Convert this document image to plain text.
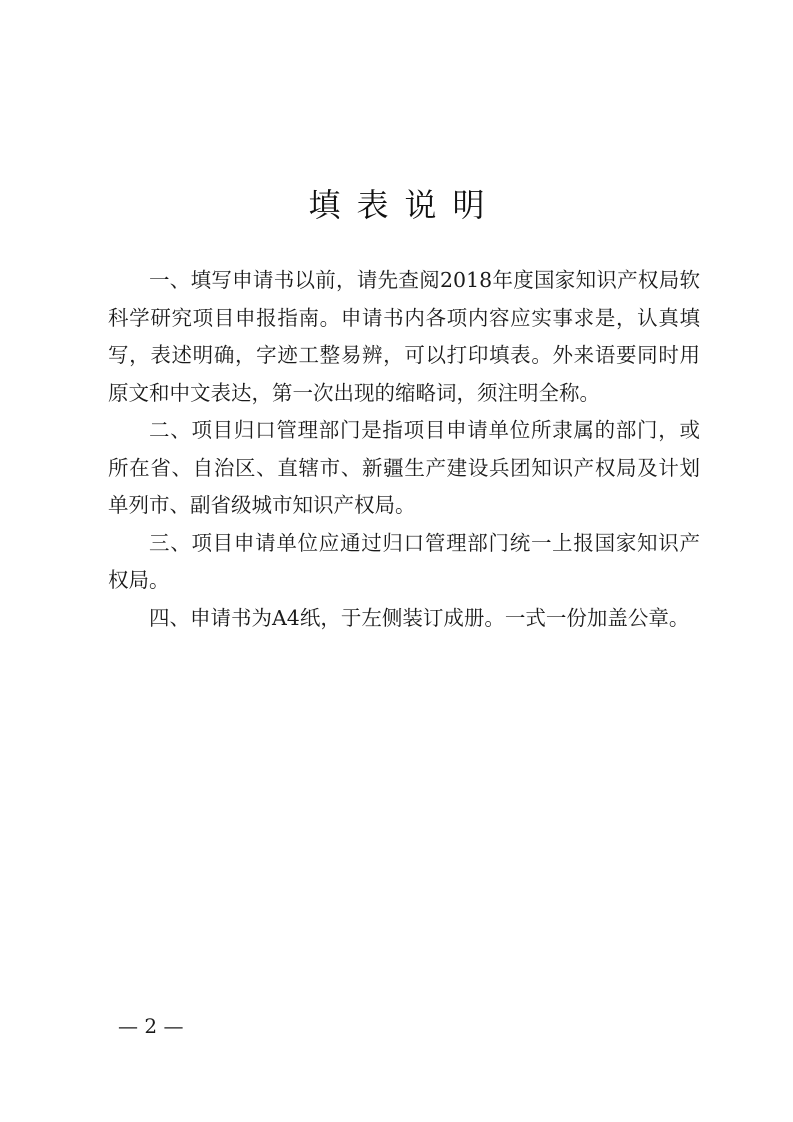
填表说明

一、填写申请书以前，请先查阅2018年度国家知识产权局软科学研究项目申报指南。申请书内各项内容应实事求是，认真填写，表述明确，字迹工整易辨，可以打印填表。外来语要同时用原文和中文表达，第一次出现的缩略词，须注明全称。

二、项目归口管理部门是指项目申请单位所隶属的部门，或所在省、自治区、直辖市、新疆生产建设兵团知识产权局及计划单列市、副省级城市知识产权局。

三、项目申请单位应通过归口管理部门统一上报国家知识产权局。

四、申请书为A4纸，于左侧装订成册。一式一份加盖公章。

— 2 —
